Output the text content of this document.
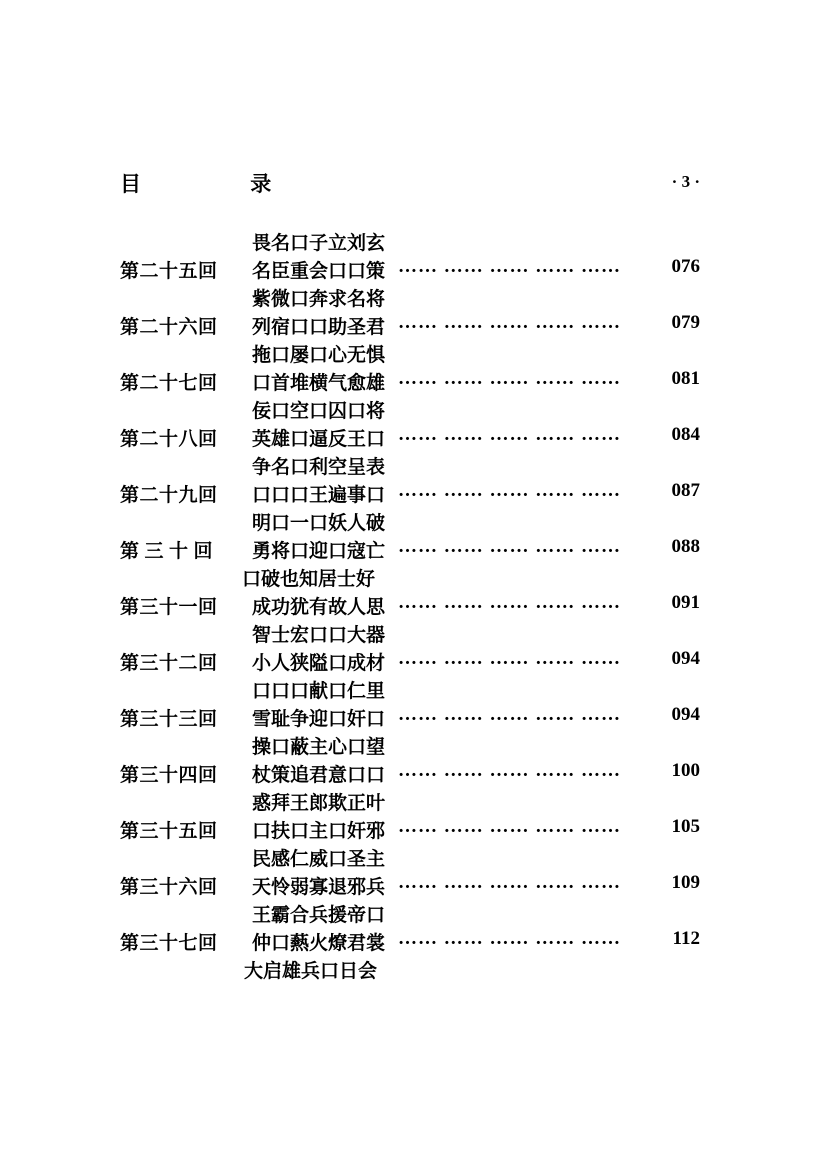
目 录	· 3 ·
畏名口子立刘玄
第二十五回	名臣重会口口策 …… …… …… …… ……	076
紫微口奔求名将
第二十六回	列宿口口助圣君 …… …… …… …… ……	079
拖口屡口心无惧
第二十七回	口首堆横气愈雄 …… …… …… …… ……	081
佞口空口囚口将
第二十八回	英雄口逼反王口 …… …… …… …… ……	084
争名口利空呈表
第二十九回	口口口王遍事口 …… …… …… …… ……	087
明口一口妖人破
第三十回	勇将口迎口寇亡 …… …… …… …… ……	088
口破也知居士好
第三十一回	成功犹有故人思 …… …… …… …… ……	091
智士宏口口大器
第三十二回	小人狭隘口成材 …… …… …… …… ……	094
口口口献口仁里
第三十三回	雪耻争迎口奸口 …… …… …… …… ……	094
操口蔽主心口望
第三十四回	杖策追君意口口 …… …… …… …… ……	100
惑拜王郎欺正叶
第三十五回	口扶口主口奸邪 …… …… …… …… ……	105
民感仁威口圣主
第三十六回	天怜弱寡退邪兵 …… …… …… …… ……	109
王霸合兵援帝口
第三十七回	仲口爇火燎君裳 …… …… …… …… ……	112
大启雄兵口日会
